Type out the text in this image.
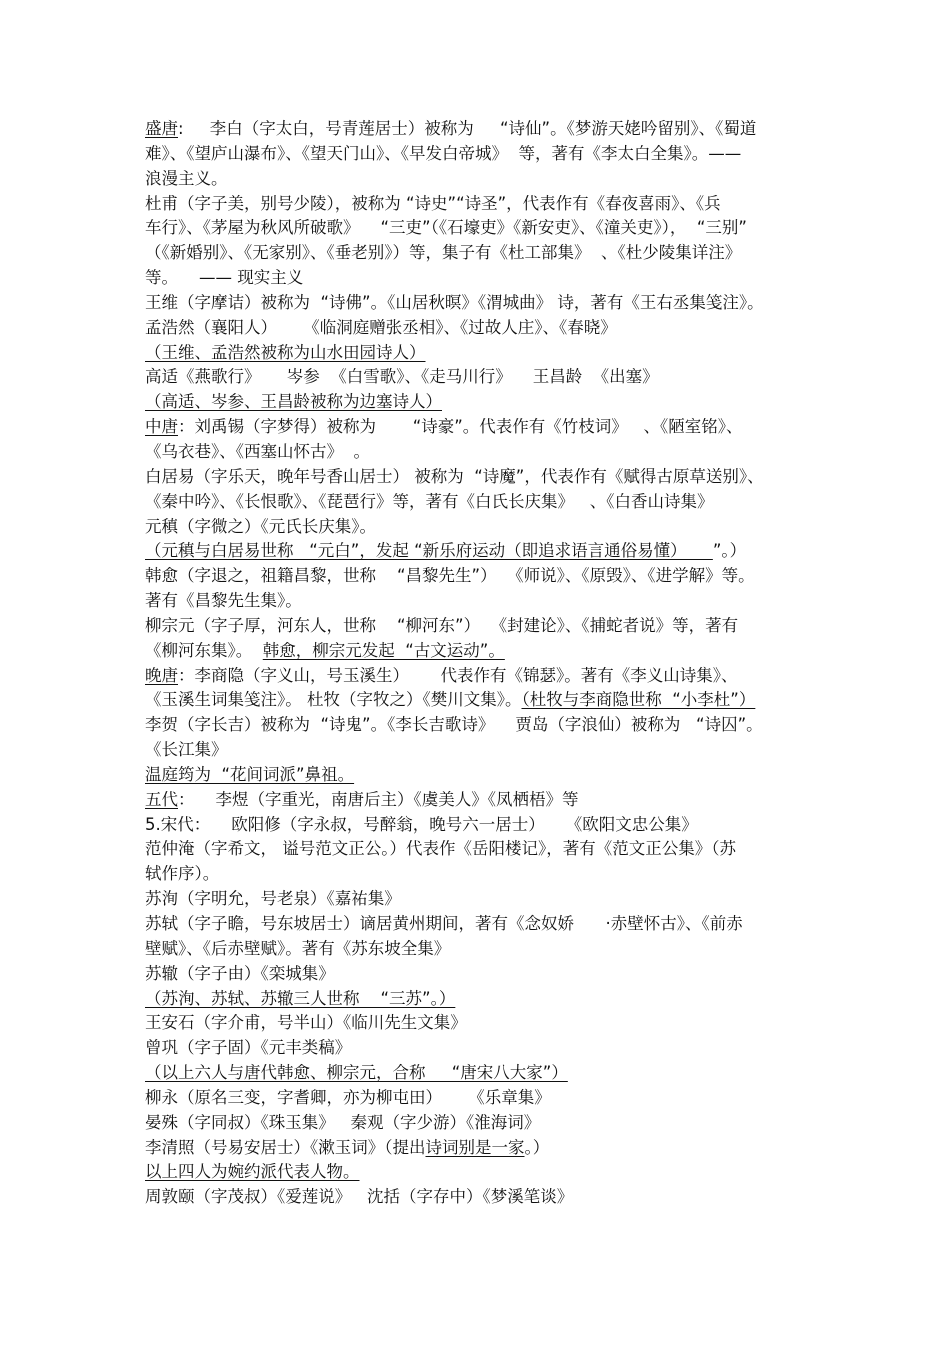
盛唐:     李白（字太白，号青莲居士）被称为     “诗仙”。《梦游天姥吟留别》、《蜀道
难》、《望庐山瀑布》、《望天门山》、《早发白帝城》  等，著有《李太白全集》。——
浪漫主义。
杜甫（字子美，别号少陵），被称为 “诗史”“诗圣”，代表作有《春夜喜雨》、《兵
车行》、《茅屋为秋风所破歌》    “三吏”（《石壕吏》《新安吏》、《潼关吏》），  “三别”
（《新婚别》、《无家别》、《垂老别》）等，集子有《杜工部集》  、《杜少陵集详注》
等。    —— 现实主义
王维（字摩诘）被称为  “诗佛”。《山居秋暝》《渭城曲》 诗，著有《王右丞集笺注》。
孟浩然（襄阳人）     《临洞庭赠张丞相》、《过故人庄》、《春晓》
（王维、孟浩然被称为山水田园诗人）
高适《燕歌行》     岑参  《白雪歌》、《走马川行》    王昌龄  《出塞》
（高适、岑参、王昌龄被称为边塞诗人）
中唐：刘禹锡（字梦得）被称为       “诗豪”。代表作有《竹枝词》   、《陋室铭》、
《乌衣巷》、《西塞山怀古》  。
白居易（字乐天，晚年号香山居士） 被称为  “诗魔”，代表作有《赋得古原草送别》、
《秦中吟》、《长恨歌》、《琵琶行》等，著有《白氏长庆集》   、《白香山诗集》
元稹（字微之）《元氏长庆集》。
（元稹与白居易世称   “元白”，发起 “新乐府运动（即追求语言通俗易懂）     ”。）
韩愈（字退之，祖籍昌黎，世称    “昌黎先生”）  《师说》、《原毁》、《进学解》等。
著有《昌黎先生集》。
柳宗元（字子厚，河东人，世称    “柳河东”）  《封建论》、《捕蛇者说》等，著有
《柳河东集》。  韩愈，柳宗元发起  “古文运动”。
晚唐：李商隐（字义山，号玉溪生）      代表作有《锦瑟》。著有《李义山诗集》、
《玉溪生词集笺注》。 杜牧（字牧之）《樊川文集》。（杜牧与李商隐世称  “小李杜”）
李贺（字长吉）被称为  “诗鬼”。《李长吉歌诗》    贾岛（字浪仙）被称为   “诗囚”。
《长江集》
温庭筠为  “花间词派”鼻祖。
五代：    李煜（字重光，南唐后主）《虞美人》《凤栖梧》等
5.宋代：    欧阳修（字永叔，号醉翁，晚号六一居士）    《欧阳文忠公集》
范仲淹（字希文， 谥号范文正公。）代表作《岳阳楼记》，著有《范文正公集》（苏
轼作序）。
苏洵（字明允，号老泉）《嘉祐集》
苏轼（字子瞻，号东坡居士）谪居黄州期间，著有《念奴娇      ·赤壁怀古》、《前赤
壁赋》、《后赤壁赋》。著有《苏东坡全集》
苏辙（字子由）《栾城集》
（苏洵、苏轼、苏辙三人世称    “三苏”。）
王安石（字介甫，号半山）《临川先生文集》
曾巩（字子固）《元丰类稿》
（以上六人与唐代韩愈、柳宗元，合称     “唐宋八大家”）
柳永（原名三变，字耆卿，亦为柳屯田）     《乐章集》
晏殊（字同叔）《珠玉集》   秦观（字少游）《淮海词》
李清照（号易安居士）《漱玉词》（提出诗词别是一家。）
以上四人为婉约派代表人物。
周敦颐（字茂叔）《爱莲说》   沈括（字存中）《梦溪笔谈》
